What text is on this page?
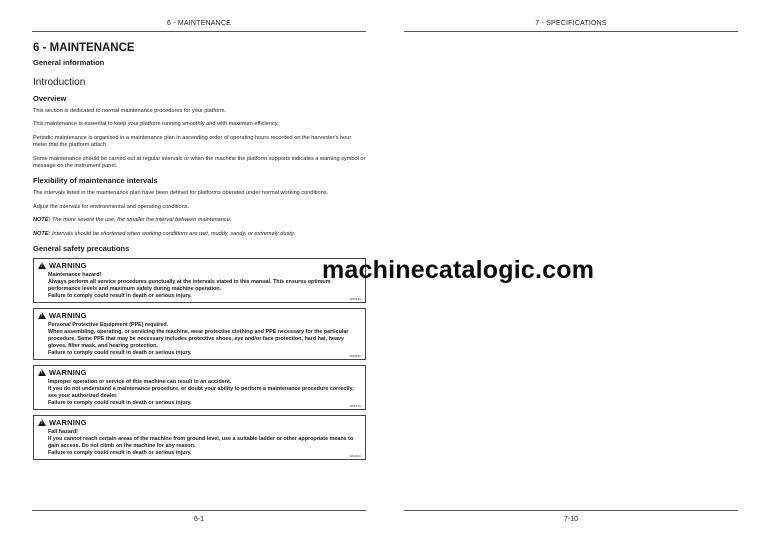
6 - MAINTENANCE
6 - MAINTENANCE
General information
Introduction
Overview
This section is dedicated to normal maintenance procedures for your platform.
This maintenance is essential to keep your platform running smoothly and with maximum efficiency.
Periodic maintenance is organised in a maintenance plan in ascending order of operating hours recorded on the harvester's hour meter that the platform attach.
Some maintenance should be carried out at regular intervals or when the machine the platform supports indicates a warning symbol or message on the instrument panel.
Flexibility of maintenance intervals
The intervals listed in the maintenance plan have been defined for platforms operated under normal working conditions.
Adjust the intervals for environmental and operating conditions.
NOTE: The more severe the use, the smaller the interval between maintenance.
NOTE: Intervals should be shortened when working conditions are wet, muddy, sandy, or extremely dusty.
General safety precautions
! WARNING
Maintenance hazard!
Always perform all service procedures punctually at the intervals stated in this manual. This ensures optimum performance levels and maximum safety during machine operation.
Failure to comply could result in death or serious injury.	W0013A
! WARNING
Personal Protective Equipment (PPE) required.
When assembling, operating, or servicing the machine, wear protective clothing and PPE necessary for the particular procedure. Some PPE that may be necessary includes protective shoes, eye and/or face protection, hard hat, heavy gloves, filter mask, and hearing protection.
Failure to comply could result in death or serious injury.	W0099A
! WARNING
Improper operation or service of this machine can result in an accident.
If you do not understand a maintenance procedure, or doubt your ability to perform a maintenance procedure correctly, see your authorized dealer.
Failure to comply could result in death or serious injury.	W0157A
! WARNING
Fall hazard!
If you cannot reach certain areas of the machine from ground level, use a suitable ladder or other appropriate means to gain access. Do not climb on the machine for any reason.
Failure to comply could result in death or serious injury.	W0222A
6-1
7 - SPECIFICATIONS
7-10
machinecatalogic.com
